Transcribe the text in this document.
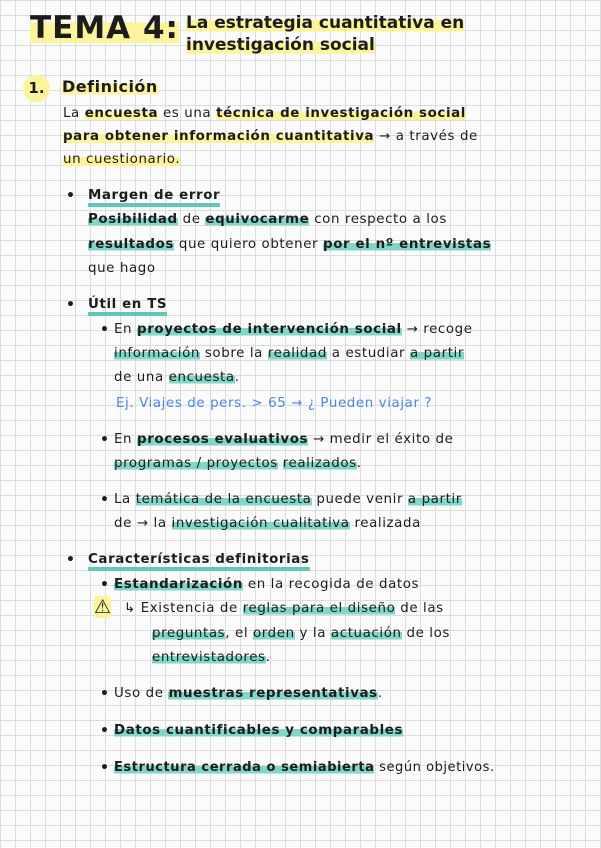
TEMA 4: La estrategia cuantitativa en
investigación social
1.	Definición
La encuesta es una técnica de investigación social
para obtener información cuantitativa → a través de
un cuestionario.
• Margen de error
Posibilidad de equivocarme con respecto a los
resultados que quiero obtener por el nº entrevistas
que hago
• Útil en TS
• En proyectos de intervención social → recoge
información sobre la realidad a estudiar a partir
de una encuesta.
Ej. Viajes de pers. > 65 → ¿ Pueden viajar ?
• En procesos evaluativos → medir el éxito de
programas / proyectos realizados.
• La temática de la encuesta puede venir a partir
de → la investigación cualitativa realizada
• Características definitorias
• Estandarización en la recogida de datos
⚠ ↳ Existencia de reglas para el diseño de las
preguntas, el orden y la actuación de los
entrevistadores.
• Uso de muestras representativas.
• Datos cuantificables y comparables
• Estructura cerrada o semiabierta según objetivos.
